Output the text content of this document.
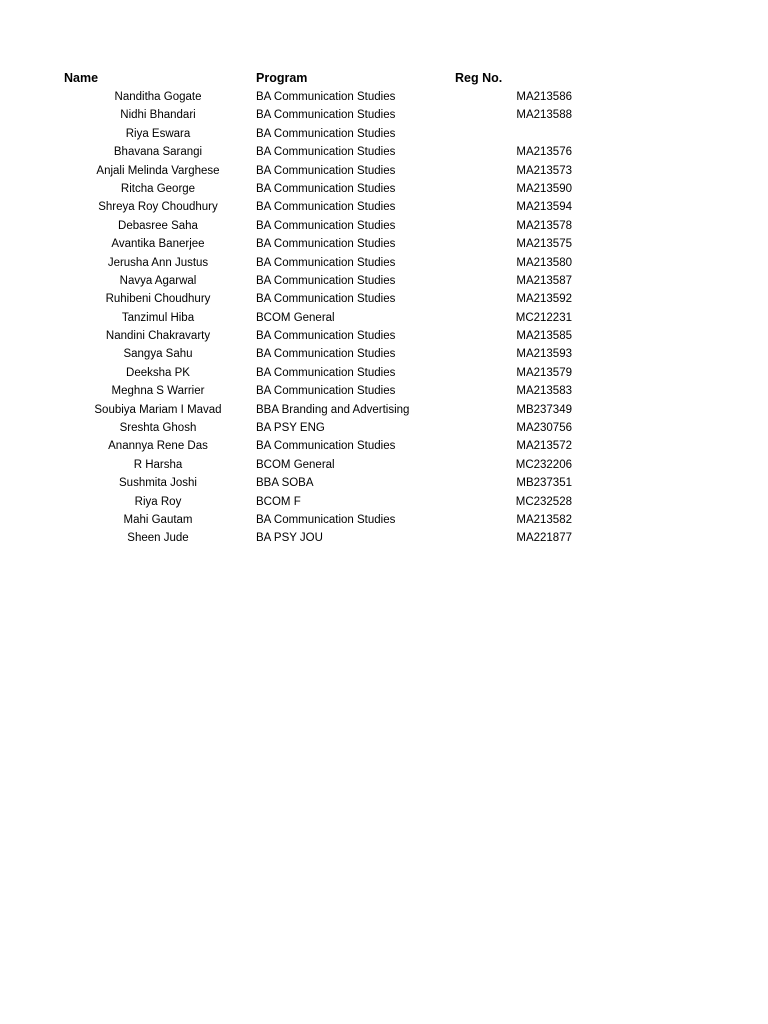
Name	Program	Reg No.
Nanditha Gogate	BA Communication Studies	MA213586
Nidhi Bhandari	BA Communication Studies	MA213588
Riya Eswara	BA Communication Studies
Bhavana Sarangi	BA Communication Studies	MA213576
Anjali Melinda Varghese	BA Communication Studies	MA213573
Ritcha George	BA Communication Studies	MA213590
Shreya Roy Choudhury	BA Communication Studies	MA213594
Debasree Saha	BA Communication Studies	MA213578
Avantika Banerjee	BA Communication Studies	MA213575
Jerusha Ann Justus	BA Communication Studies	MA213580
Navya Agarwal	BA Communication Studies	MA213587
Ruhibeni Choudhury	BA Communication Studies	MA213592
Tanzimul Hiba	BCOM General	MC212231
Nandini Chakravarty	BA Communication Studies	MA213585
Sangya Sahu	BA Communication Studies	MA213593
Deeksha PK	BA Communication Studies	MA213579
Meghna S Warrier	BA Communication Studies	MA213583
Soubiya Mariam I Mavad	BBA Branding and Advertising	MB237349
Sreshta Ghosh	BA PSY ENG	MA230756
Anannya Rene Das	BA Communication Studies	MA213572
R Harsha	BCOM General	MC232206
Sushmita Joshi	BBA SOBA	MB237351
Riya Roy	BCOM F	MC232528
Mahi Gautam	BA Communication Studies	MA213582
Sheen Jude	BA PSY JOU	MA221877
